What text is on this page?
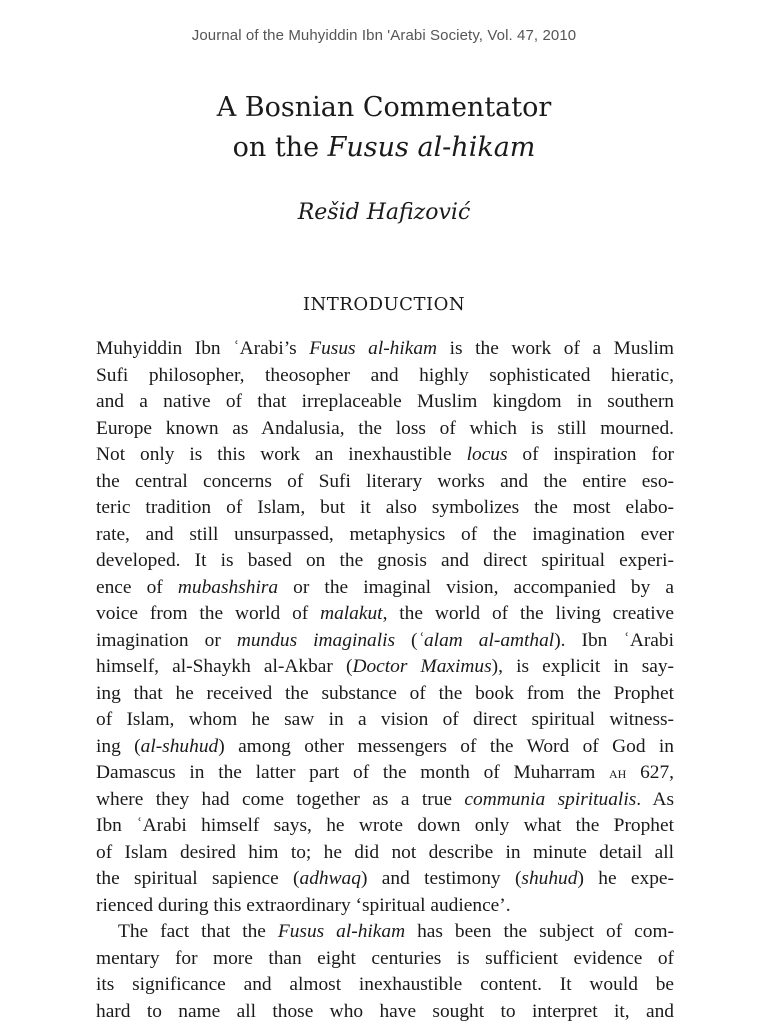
Journal of the Muhyiddin Ibn 'Arabi Society, Vol. 47, 2010
A Bosnian Commentator
on the Fusus al-hikam
Rešid Hafizović
INTRODUCTION
Muhyiddin Ibn ʿArabi’s Fusus al-hikam is the work of a Muslim
Sufi philosopher, theosopher and highly sophisticated hieratic,
and a native of that irreplaceable Muslim kingdom in southern
Europe known as Andalusia, the loss of which is still mourned.
Not only is this work an inexhaustible locus of inspiration for
the central concerns of Sufi literary works and the entire eso-
teric tradition of Islam, but it also symbolizes the most elabo-
rate, and still unsurpassed, metaphysics of the imagination ever
developed. It is based on the gnosis and direct spiritual experi-
ence of mubashshira or the imaginal vision, accompanied by a
voice from the world of malakut, the world of the living creative
imagination or mundus imaginalis (ʿalam al-amthal). Ibn ʿArabi
himself, al-Shaykh al-Akbar (Doctor Maximus), is explicit in say-
ing that he received the substance of the book from the Prophet
of Islam, whom he saw in a vision of direct spiritual witness-
ing (al-shuhud) among other messengers of the Word of God in
Damascus in the latter part of the month of Muharram ah 627,
where they had come together as a true communia spiritualis. As
Ibn ʿArabi himself says, he wrote down only what the Prophet
of Islam desired him to; he did not describe in minute detail all
the spiritual sapience (adhwaq) and testimony (shuhud) he expe-
rienced during this extraordinary ‘spiritual audience’.
The fact that the Fusus al-hikam has been the subject of com-
mentary for more than eight centuries is sufficient evidence of
its significance and almost inexhaustible content. It would be
hard to name all those who have sought to interpret it, and
